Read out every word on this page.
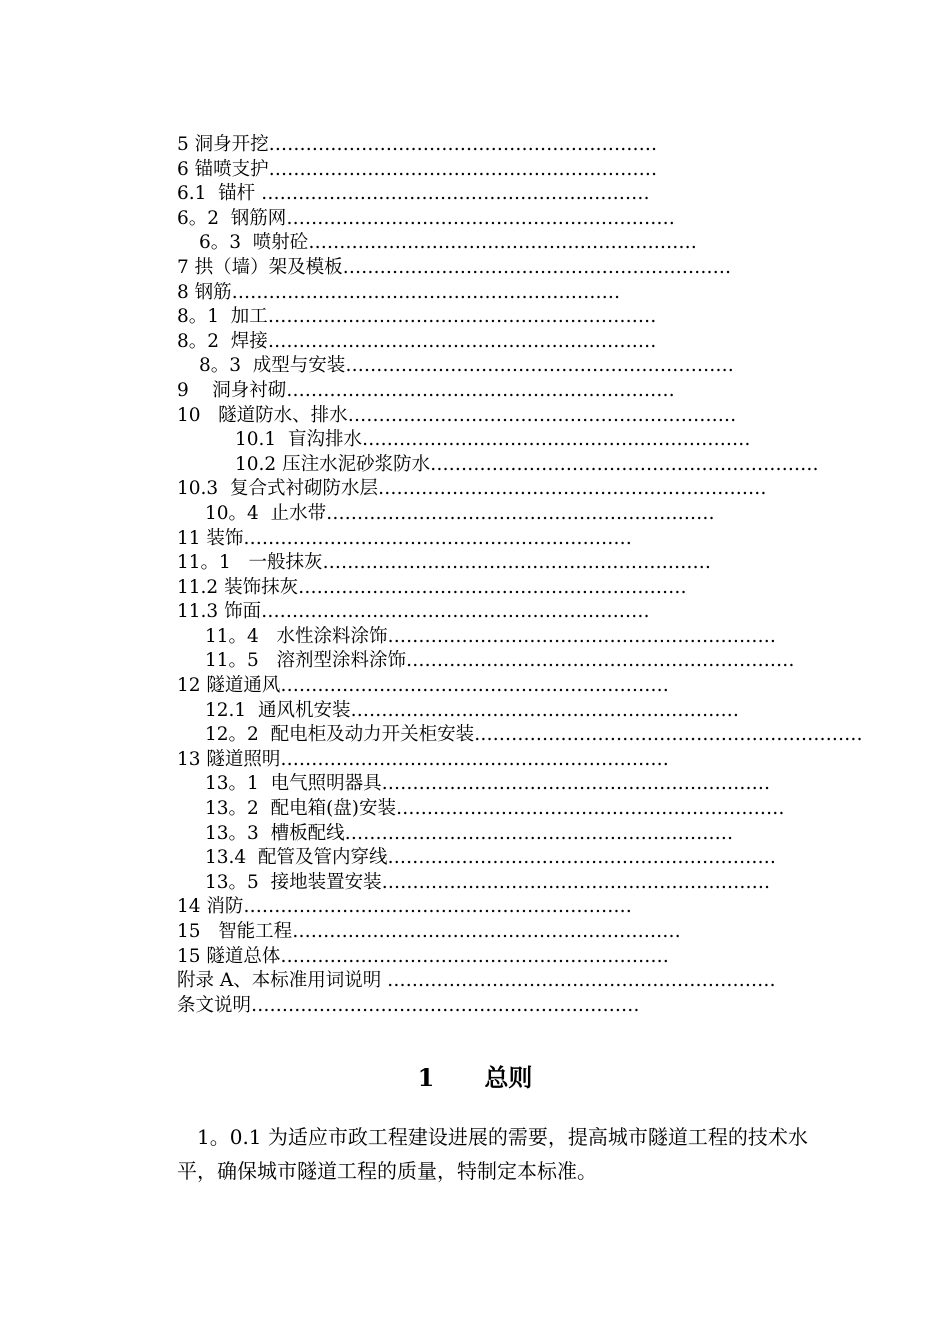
5 洞身开挖………………………………………………………
6 锚喷支护………………………………………………………
6.1  锚杆 ………………………………………………………
6。2  钢筋网………………………………………………………
6。3  喷射砼………………………………………………………
7 拱（墙）架及模板………………………………………………………
8 钢筋………………………………………………………
8。1  加工………………………………………………………
8。2  焊接………………………………………………………
8。3  成型与安装………………………………………………………
9    洞身衬砌………………………………………………………
10   隧道防水、排水………………………………………………………
10.1  盲沟排水………………………………………………………
10.2 压注水泥砂浆防水………………………………………………………
10.3  复合式衬砌防水层………………………………………………………
10。4  止水带………………………………………………………
11 装饰………………………………………………………
11。1   一般抹灰………………………………………………………
11.2 装饰抹灰………………………………………………………
11.3 饰面………………………………………………………
11。4   水性涂料涂饰………………………………………………………
11。5   溶剂型涂料涂饰………………………………………………………
12 隧道通风………………………………………………………
12.1  通风机安装………………………………………………………
12。2  配电柜及动力开关柜安装………………………………………………………
13 隧道照明………………………………………………………
13。1  电气照明器具………………………………………………………
13。2  配电箱(盘)安装………………………………………………………
13。3  槽板配线………………………………………………………
13.4  配管及管内穿线………………………………………………………
13。5  接地装置安装………………………………………………………
14 消防………………………………………………………
15   智能工程………………………………………………………
15 隧道总体………………………………………………………
附录 A、本标准用词说明 ………………………………………………………
条文说明………………………………………………………
1 总则
1。0.1 为适应市政工程建设进展的需要，提高城市隧道工程的技术水平，确保城市隧道工程的质量，特制定本标准。
